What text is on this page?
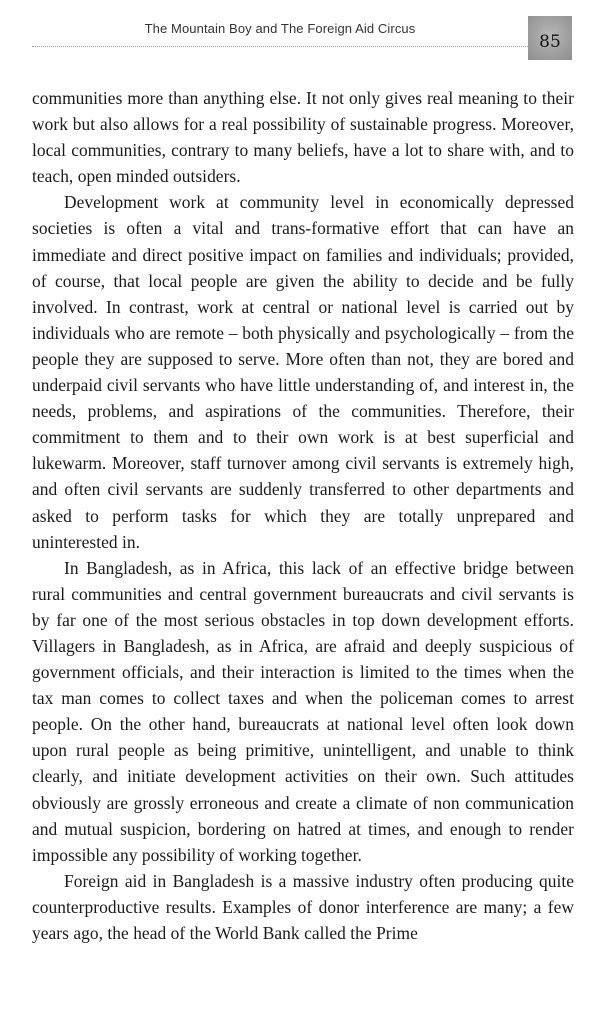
The Mountain Boy and The Foreign Aid Circus
85

communities more than anything else. It not only gives real meaning to their work but also allows for a real possibility of sustainable progress. Moreover, local communities, contrary to many beliefs, have a lot to share with, and to teach, open minded outsiders.

Development work at community level in economically depressed societies is often a vital and trans-formative effort that can have an immediate and direct positive impact on families and individuals; provided, of course, that local people are given the ability to decide and be fully involved. In contrast, work at central or national level is carried out by individuals who are remote – both physically and psychologically – from the people they are supposed to serve. More often than not, they are bored and underpaid civil servants who have little understanding of, and interest in, the needs, problems, and aspirations of the communities. Therefore, their commitment to them and to their own work is at best superficial and lukewarm. Moreover, staff turnover among civil servants is extremely high, and often civil servants are suddenly transferred to other departments and asked to perform tasks for which they are totally unprepared and uninterested in.

In Bangladesh, as in Africa, this lack of an effective bridge between rural communities and central government bureaucrats and civil servants is by far one of the most serious obstacles in top down development efforts. Villagers in Bangladesh, as in Africa, are afraid and deeply suspicious of government officials, and their interaction is limited to the times when the tax man comes to collect taxes and when the policeman comes to arrest people. On the other hand, bureaucrats at national level often look down upon rural people as being primitive, unintelligent, and unable to think clearly, and initiate development activities on their own. Such attitudes obviously are grossly erroneous and create a climate of non communication and mutual suspicion, bordering on hatred at times, and enough to render impossible any possibility of working together.

Foreign aid in Bangladesh is a massive industry often producing quite counterproductive results. Examples of donor interference are many; a few years ago, the head of the World Bank called the Prime
